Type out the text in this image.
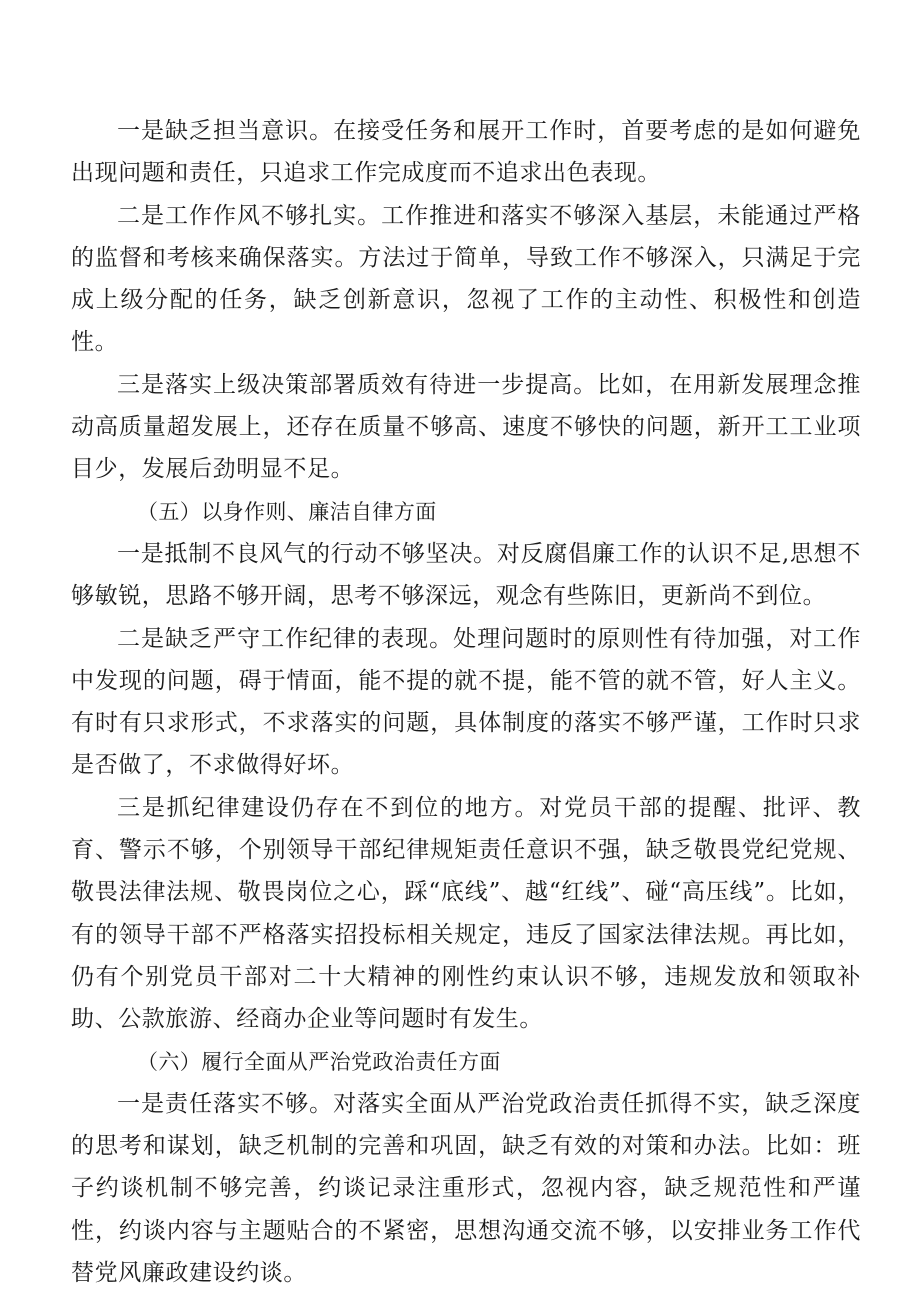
一是缺乏担当意识。在接受任务和展开工作时，首要考虑的是如何避免出现问题和责任，只追求工作完成度而不追求出色表现。

二是工作作风不够扎实。工作推进和落实不够深入基层，未能通过严格的监督和考核来确保落实。方法过于简单，导致工作不够深入，只满足于完成上级分配的任务，缺乏创新意识，忽视了工作的主动性、积极性和创造性。

三是落实上级决策部署质效有待进一步提高。比如，在用新发展理念推动高质量超发展上，还存在质量不够高、速度不够快的问题，新开工工业项目少，发展后劲明显不足。

（五）以身作则、廉洁自律方面

一是抵制不良风气的行动不够坚决。对反腐倡廉工作的认识不足,思想不够敏锐，思路不够开阔，思考不够深远，观念有些陈旧，更新尚不到位。

二是缺乏严守工作纪律的表现。处理问题时的原则性有待加强，对工作中发现的问题，碍于情面，能不提的就不提，能不管的就不管，好人主义。有时有只求形式，不求落实的问题，具体制度的落实不够严谨，工作时只求是否做了，不求做得好坏。

三是抓纪律建设仍存在不到位的地方。对党员干部的提醒、批评、教育、警示不够，个别领导干部纪律规矩责任意识不强，缺乏敬畏党纪党规、敬畏法律法规、敬畏岗位之心，踩“底线”、越“红线”、碰“高压线”。比如，有的领导干部不严格落实招投标相关规定，违反了国家法律法规。再比如，仍有个别党员干部对二十大精神的刚性约束认识不够，违规发放和领取补助、公款旅游、经商办企业等问题时有发生。

（六）履行全面从严治党政治责任方面

一是责任落实不够。对落实全面从严治党政治责任抓得不实，缺乏深度的思考和谋划，缺乏机制的完善和巩固，缺乏有效的对策和办法。比如：班子约谈机制不够完善，约谈记录注重形式，忽视内容，缺乏规范性和严谨性，约谈内容与主题贴合的不紧密，思想沟通交流不够，以安排业务工作代替党风廉政建设约谈。
